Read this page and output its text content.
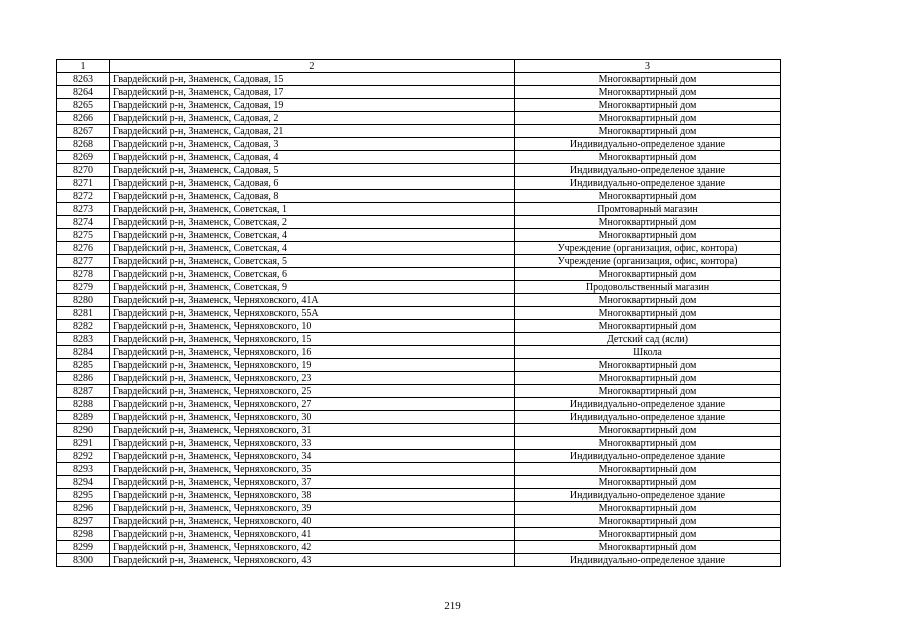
1	2	3
8263	Гвардейский р-н, Знаменск, Садовая, 15	Многоквартирный дом
8264	Гвардейский р-н, Знаменск, Садовая, 17	Многоквартирный дом
8265	Гвардейский р-н, Знаменск, Садовая, 19	Многоквартирный дом
8266	Гвардейский р-н, Знаменск, Садовая, 2	Многоквартирный дом
8267	Гвардейский р-н, Знаменск, Садовая, 21	Многоквартирный дом
8268	Гвардейский р-н, Знаменск, Садовая, 3	Индивидуально-определеное здание
8269	Гвардейский р-н, Знаменск, Садовая, 4	Многоквартирный дом
8270	Гвардейский р-н, Знаменск, Садовая, 5	Индивидуально-определеное здание
8271	Гвардейский р-н, Знаменск, Садовая, 6	Индивидуально-определеное здание
8272	Гвардейский р-н, Знаменск, Садовая, 8	Многоквартирный дом
8273	Гвардейский р-н, Знаменск, Советская, 1	Промтоварный магазин
8274	Гвардейский р-н, Знаменск, Советская, 2	Многоквартирный дом
8275	Гвардейский р-н, Знаменск, Советская, 4	Многоквартирный дом
8276	Гвардейский р-н, Знаменск, Советская, 4	Учреждение (организация, офис, контора)
8277	Гвардейский р-н, Знаменск, Советская, 5	Учреждение (организация, офис, контора)
8278	Гвардейский р-н, Знаменск, Советская, 6	Многоквартирный дом
8279	Гвардейский р-н, Знаменск, Советская, 9	Продовольственный магазин
8280	Гвардейский р-н, Знаменск, Черняховского, 41А	Многоквартирный дом
8281	Гвардейский р-н, Знаменск, Черняховского, 55А	Многоквартирный дом
8282	Гвардейский р-н, Знаменск, Черняховского, 10	Многоквартирный дом
8283	Гвардейский р-н, Знаменск, Черняховского, 15	Детский сад (ясли)
8284	Гвардейский р-н, Знаменск, Черняховского, 16	Школа
8285	Гвардейский р-н, Знаменск, Черняховского, 19	Многоквартирный дом
8286	Гвардейский р-н, Знаменск, Черняховского, 23	Многоквартирный дом
8287	Гвардейский р-н, Знаменск, Черняховского, 25	Многоквартирный дом
8288	Гвардейский р-н, Знаменск, Черняховского, 27	Индивидуально-определеное здание
8289	Гвардейский р-н, Знаменск, Черняховского, 30	Индивидуально-определеное здание
8290	Гвардейский р-н, Знаменск, Черняховского, 31	Многоквартирный дом
8291	Гвардейский р-н, Знаменск, Черняховского, 33	Многоквартирный дом
8292	Гвардейский р-н, Знаменск, Черняховского, 34	Индивидуально-определеное здание
8293	Гвардейский р-н, Знаменск, Черняховского, 35	Многоквартирный дом
8294	Гвардейский р-н, Знаменск, Черняховского, 37	Многоквартирный дом
8295	Гвардейский р-н, Знаменск, Черняховского, 38	Индивидуально-определеное здание
8296	Гвардейский р-н, Знаменск, Черняховского, 39	Многоквартирный дом
8297	Гвардейский р-н, Знаменск, Черняховского, 40	Многоквартирный дом
8298	Гвардейский р-н, Знаменск, Черняховского, 41	Многоквартирный дом
8299	Гвардейский р-н, Знаменск, Черняховского, 42	Многоквартирный дом
8300	Гвардейский р-н, Знаменск, Черняховского, 43	Индивидуально-определеное здание
219
